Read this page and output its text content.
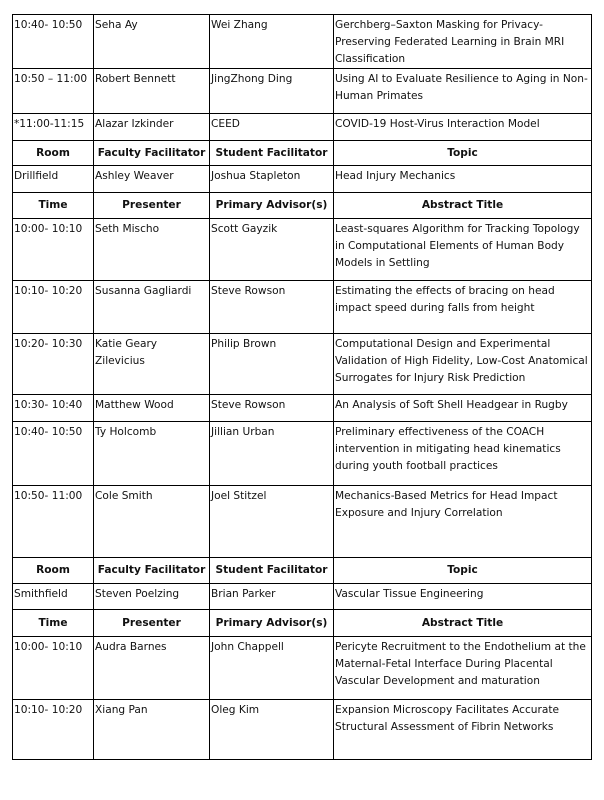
10:40- 10:50	Seha Ay	Wei Zhang	Gerchberg–Saxton Masking for Privacy-Preserving Federated Learning in Brain MRI Classification
10:50 – 11:00	Robert Bennett	JingZhong Ding	Using AI to Evaluate Resilience to Aging in Non-Human Primates
*11:00-11:15	Alazar Izkinder	CEED	COVID-19 Host-Virus Interaction Model
Room	Faculty Facilitator	Student Facilitator	Topic
Drillfield	Ashley Weaver	Joshua Stapleton	Head Injury Mechanics
Time	Presenter	Primary Advisor(s)	Abstract Title
10:00- 10:10	Seth Mischo	Scott Gayzik	Least-squares Algorithm for Tracking Topology in Computational Elements of Human Body Models in Settling
10:10- 10:20	Susanna Gagliardi	Steve Rowson	Estimating the effects of bracing on head impact speed during falls from height
10:20- 10:30	Katie Geary Zilevicius	Philip Brown	Computational Design and Experimental Validation of High Fidelity, Low-Cost Anatomical Surrogates for Injury Risk Prediction
10:30- 10:40	Matthew Wood	Steve Rowson	An Analysis of Soft Shell Headgear in Rugby
10:40- 10:50	Ty Holcomb	Jillian Urban	Preliminary effectiveness of the COACH intervention in mitigating head kinematics during youth football practices
10:50- 11:00	Cole Smith	Joel Stitzel	Mechanics-Based Metrics for Head Impact Exposure and Injury Correlation
Room	Faculty Facilitator	Student Facilitator	Topic
Smithfield	Steven Poelzing	Brian Parker	Vascular Tissue Engineering
Time	Presenter	Primary Advisor(s)	Abstract Title
10:00- 10:10	Audra Barnes	John Chappell	Pericyte Recruitment to the Endothelium at the Maternal-Fetal Interface During Placental Vascular Development and maturation
10:10- 10:20	Xiang Pan	Oleg Kim	Expansion Microscopy Facilitates Accurate Structural Assessment of Fibrin Networks
